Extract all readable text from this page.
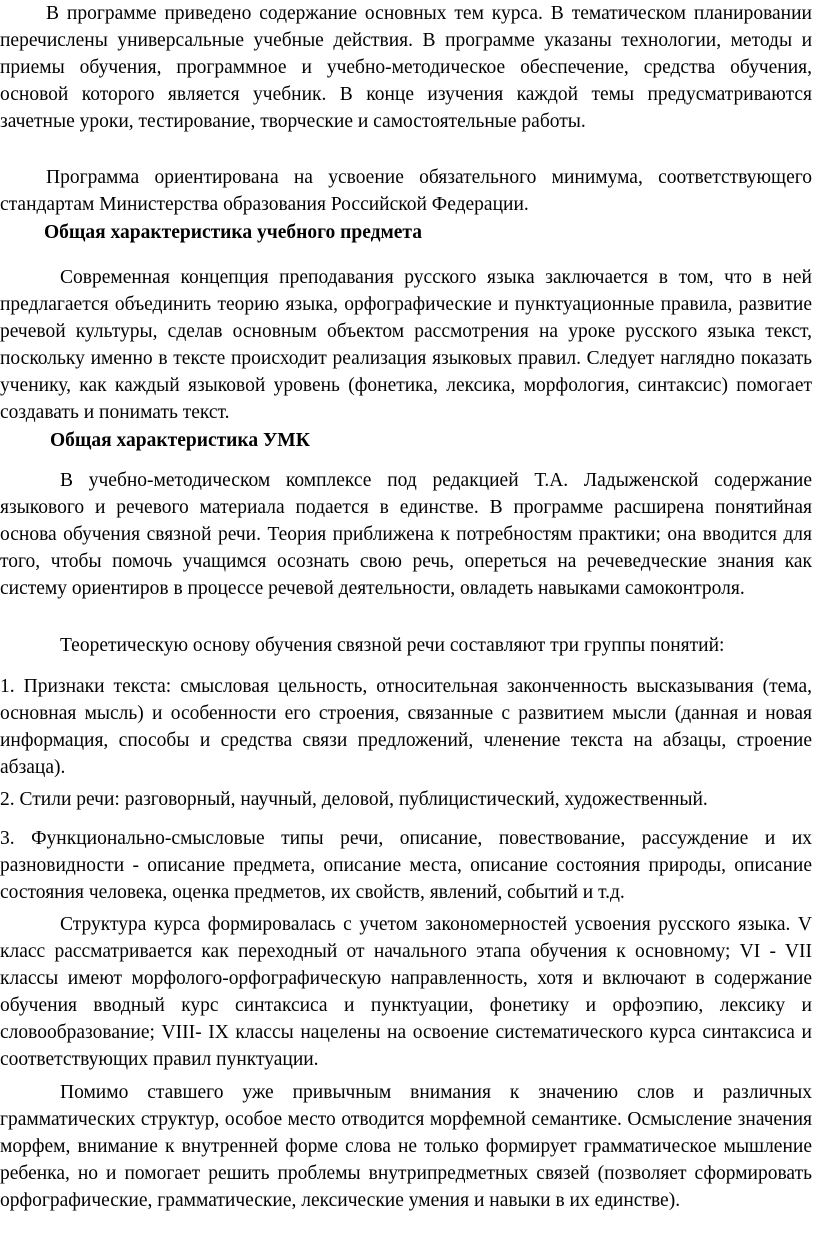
В программе приведено содержание основных тем курса. В тематическом планировании перечислены универсальные учебные действия. В программе указаны технологии, методы и приемы обучения, программное и учебно-методическое обеспечение, средства обучения, основой которого является учебник. В конце изучения каждой темы предусматриваются зачетные уроки, тестирование, творческие и самостоятельные работы.

Программа ориентирована на усвоение обязательного минимума, соответствующего стандартам Министерства образования Российской Федерации.

Общая характеристика учебного предмета

Современная концепция преподавания русского языка заключается в том, что в ней предлагается объединить теорию языка, орфографические и пунктуационные правила, развитие речевой культуры, сделав основным объектом рассмотрения на уроке русского языка текст, поскольку именно в тексте происходит реализация языковых правил. Следует наглядно показать ученику, как каждый языковой уровень (фонетика, лексика, морфология, синтаксис) помогает создавать и понимать текст.

Общая характеристика УМК

В учебно-методическом комплексе под редакцией Т.А. Ладыженской содержание языкового и речевого материала подается в единстве. В программе расширена понятийная основа обучения связной речи. Теория приближена к потребностям практики; она вводится для того, чтобы помочь учащимся осознать свою речь, опереться на речеведческие знания как систему ориентиров в процессе речевой деятельности, овладеть навыками самоконтроля.

Теоретическую основу обучения связной речи составляют три группы понятий:

1. Признаки текста: смысловая цельность, относительная законченность высказывания (тема, основная мысль) и особенности его строения, связанные с развитием мысли (данная и новая информация, способы и средства связи предложений, членение текста на абзацы, строение абзаца).

2. Стили речи: разговорный, научный, деловой, публицистический, художественный.

3. Функционально-смысловые типы речи, описание, повествование, рассуждение и их разновидности - описание предмета, описание места, описание состояния природы, описание состояния человека, оценка предметов, их свойств, явлений, событий и т.д.

Структура курса формировалась с учетом закономерностей усвоения русского языка. V класс рассматривается как переходный от начального этапа обучения к основному; VI - VII классы имеют морфолого-орфографическую направленность, хотя и включают в содержание обучения вводный курс синтаксиса и пунктуации, фонетику и орфоэпию, лексику и словообразование; VIII- IX классы нацелены на освоение систематического курса синтаксиса и соответствующих правил пунктуации.

Помимо ставшего уже привычным внимания к значению слов и различных грамматических структур, особое место отводится морфемной семантике. Осмысление значения морфем, внимание к внутренней форме слова не только формирует грамматическое мышление ребенка, но и помогает решить проблемы внутрипредметных связей (позволяет сформировать орфографические, грамматические, лексические умения и навыки в их единстве).
